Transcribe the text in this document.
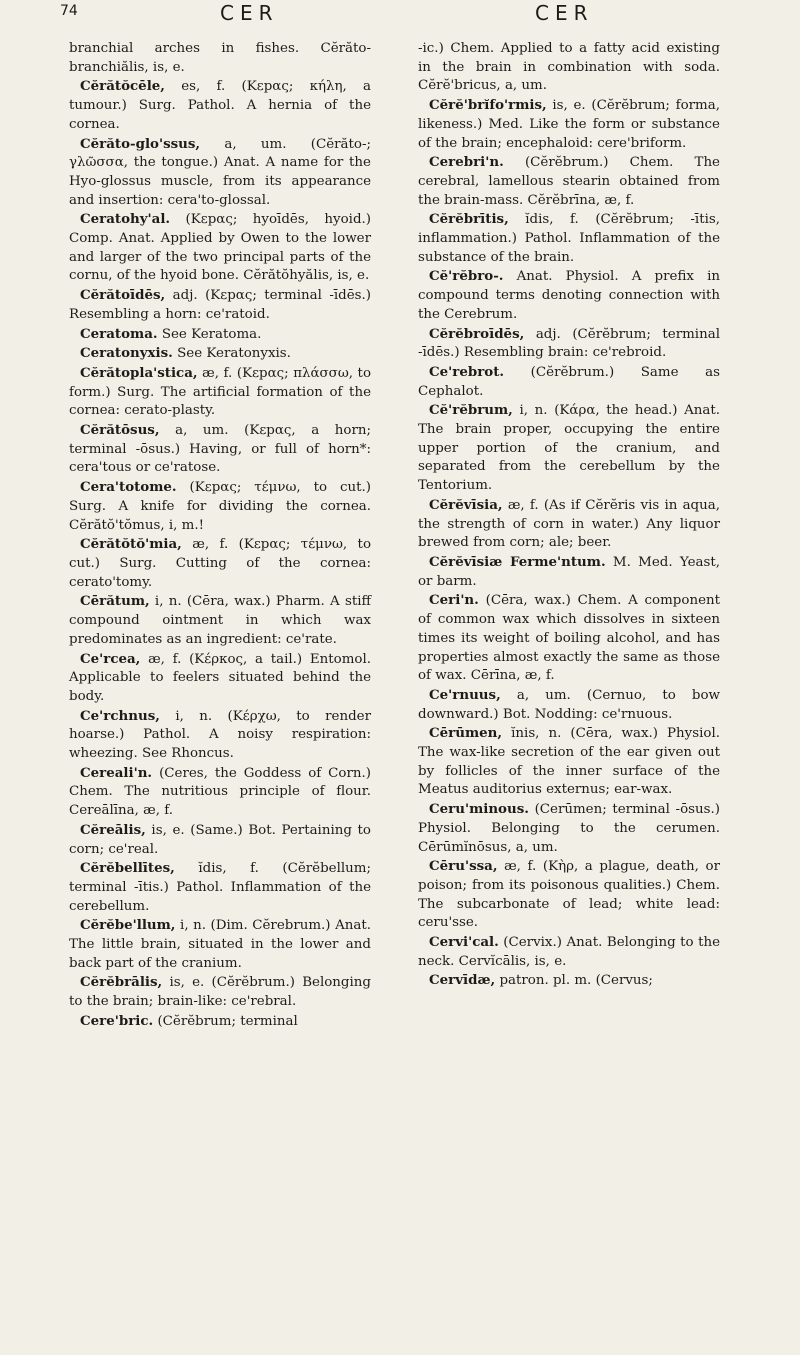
74	CER	CER

branchial arches in fishes. Cĕrăto-branchiălis, is, e.

Cĕrătŏcēle, es, f. (Κεpας; κήλη, a tumour.) Surg. Pathol. A hernia of the cornea.

Cĕrăto-glo'ssus, a, um. (Cĕrăto-; γλῶσσα, the tongue.) Anat. A name for the Hyo-glossus muscle, from its appearance and insertion: cera'to-glossal.

Ceratohy'al. (Κεpας; hyoīdēs, hyoid.) Comp. Anat. Applied by Owen to the lower and larger of the two principal parts of the cornu, of the hyoid bone. Cĕrătŏhyălis, is, e.

Cĕrătoīdēs, adj. (Κεpας; terminal -īdēs.) Resembling a horn: ce'ratoid.

Ceratoma. See Keratoma.

Ceratonyxis. See Keratonyxis.

Cĕrătopla'stica, æ, f. (Κεpας; πλάσσω, to form.) Surg. The artificial formation of the cornea: cerato-plasty.

Cĕrătōsus, a, um. (Κεpας, a horn; terminal -ōsus.) Having, or full of horn*: cera'tous or ce'ratose.

Cera'totome. (Κεpας; τέμνω, to cut.) Surg. A knife for dividing the cornea. Cĕrătŏ'tŏmus, i, m.!

Cĕrătŏtŏ'mia, æ, f. (Κεpας; τέμνω, to cut.) Surg. Cutting of the cornea: cerato'tomy.

Cērătum, i, n. (Cēra, wax.) Pharm. A stiff compound ointment in which wax predominates as an ingredient: ce'rate.

Ce'rcea, æ, f. (Κέρκος, a tail.) Entomol. Applicable to feelers situated behind the body.

Ce'rchnus, i, n. (Κέρχω, to render hoarse.) Pathol. A noisy respiration: wheezing. See Rhoncus.

Cereali'n. (Ceres, the Goddess of Corn.) Chem. The nutritious principle of flour. Cereālīna, æ, f.

Cĕreālis, is, e. (Same.) Bot. Pertaining to corn; ce'real.

Cĕrĕbellītes, ĭdis, f. (Cĕrĕbellum; terminal -ītis.) Pathol. Inflammation of the cerebellum.

Cĕrĕbe'llum, i, n. (Dim. Cĕrebrum.) Anat. The little brain, situated in the lower and back part of the cranium.

Cĕrĕbrālis, is, e. (Cĕrĕbrum.) Belonging to the brain; brain-like: ce'rebral.

Cere'bric. (Cĕrĕbrum; terminal

-ic.) Chem. Applied to a fatty acid existing in the brain in combination with soda. Cĕrĕ'bricus, a, um.

Cĕrĕ'brĭfo'rmis, is, e. (Cĕrĕbrum; forma, likeness.) Med. Like the form or substance of the brain; encephaloid: cere'briform.

Cerebri'n. (Cĕrĕbrum.) Chem. The cerebral, lamellous stearin obtained from the brain-mass. Cĕrĕbrīna, æ, f.

Cĕrĕbrītis, ĭdis, f. (Cĕrĕbrum; -ītis, inflammation.) Pathol. Inflammation of the substance of the brain.

Cĕ'rĕbro-. Anat. Physiol. A prefix in compound terms denoting connection with the Cerebrum.

Cĕrĕbroīdēs, adj. (Cĕrĕbrum; terminal -īdēs.) Resembling brain: ce'rebroid.

Ce'rebrot. (Cĕrĕbrum.) Same as Cephalot.

Cĕ'rĕbrum, i, n. (Κάρα, the head.) Anat. The brain proper, occupying the entire upper portion of the cranium, and separated from the cerebellum by the Tentorium.

Cĕrĕvīsia, æ, f. (As if Cĕrĕris vis in aqua, the strength of corn in water.) Any liquor brewed from corn; ale; beer.

Cĕrĕvīsiæ Ferme'ntum. M. Med. Yeast, or barm.

Ceri'n. (Cēra, wax.) Chem. A component of common wax which dissolves in sixteen times its weight of boiling alcohol, and has properties almost exactly the same as those of wax. Cērīna, æ, f.

Ce'rnuus, a, um. (Cernuo, to bow downward.) Bot. Nodding: ce'rnuous.

Cērūmen, ĭnis, n. (Cēra, wax.) Physiol. The wax-like secretion of the ear given out by follicles of the inner surface of the Meatus auditorius externus; ear-wax.

Ceru'minous. (Cerūmen; terminal -ōsus.) Physiol. Belonging to the cerumen. Cērūmĭnōsus, a, um.

Cēru'ssa, æ, f. (Κὴρ, a plague, death, or poison; from its poisonous qualities.) Chem. The subcarbonate of lead; white lead: ceru'sse.

Cervi'cal. (Cervix.) Anat. Belonging to the neck. Cervĭcālis, is, e.

Cervīdæ, patron. pl. m. (Cervus;
